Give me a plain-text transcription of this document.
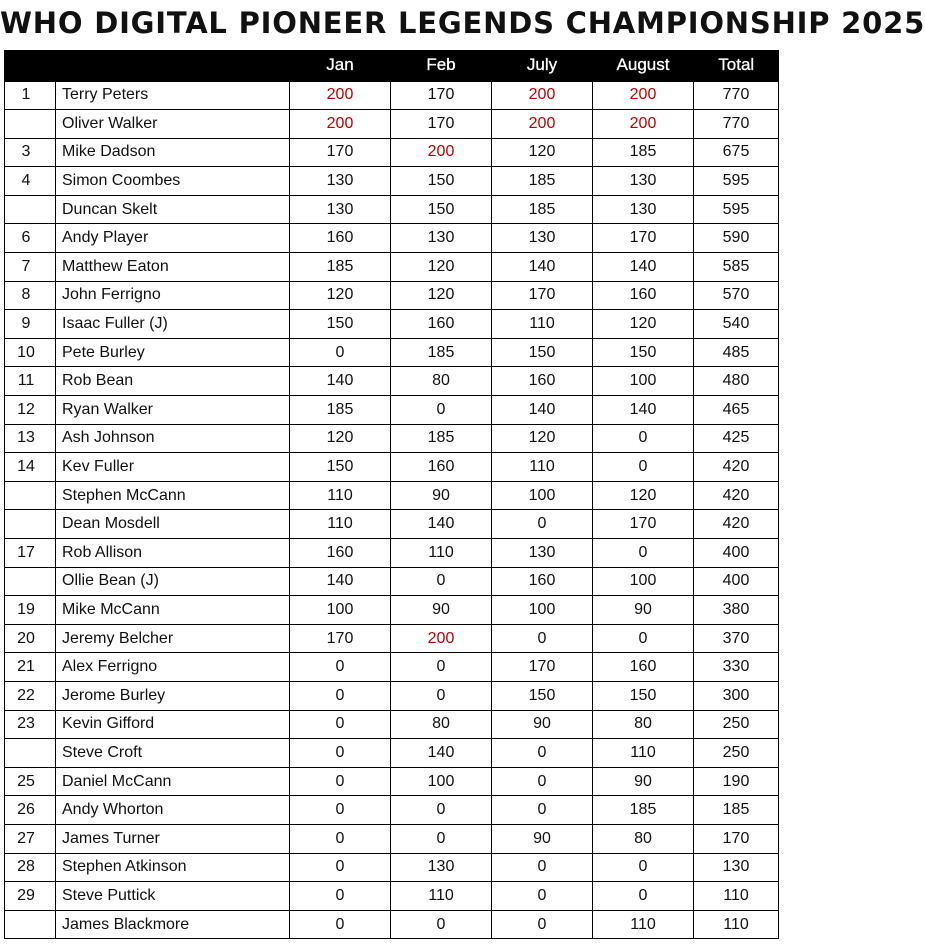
WHO DIGITAL PIONEER LEGENDS CHAMPIONSHIP 2025
		Jan	Feb	July	August	Total
1	Terry Peters	200	170	200	200	770
	Oliver Walker	200	170	200	200	770
3	Mike Dadson	170	200	120	185	675
4	Simon Coombes	130	150	185	130	595
	Duncan Skelt	130	150	185	130	595
6	Andy Player	160	130	130	170	590
7	Matthew Eaton	185	120	140	140	585
8	John Ferrigno	120	120	170	160	570
9	Isaac Fuller (J)	150	160	110	120	540
10	Pete Burley	0	185	150	150	485
11	Rob Bean	140	80	160	100	480
12	Ryan Walker	185	0	140	140	465
13	Ash Johnson	120	185	120	0	425
14	Kev Fuller	150	160	110	0	420
	Stephen McCann	110	90	100	120	420
	Dean Mosdell	110	140	0	170	420
17	Rob Allison	160	110	130	0	400
	Ollie Bean (J)	140	0	160	100	400
19	Mike McCann	100	90	100	90	380
20	Jeremy Belcher	170	200	0	0	370
21	Alex Ferrigno	0	0	170	160	330
22	Jerome Burley	0	0	150	150	300
23	Kevin Gifford	0	80	90	80	250
	Steve Croft	0	140	0	110	250
25	Daniel McCann	0	100	0	90	190
26	Andy Whorton	0	0	0	185	185
27	James Turner	0	0	90	80	170
28	Stephen Atkinson	0	130	0	0	130
29	Steve Puttick	0	110	0	0	110
	James Blackmore	0	0	0	110	110
